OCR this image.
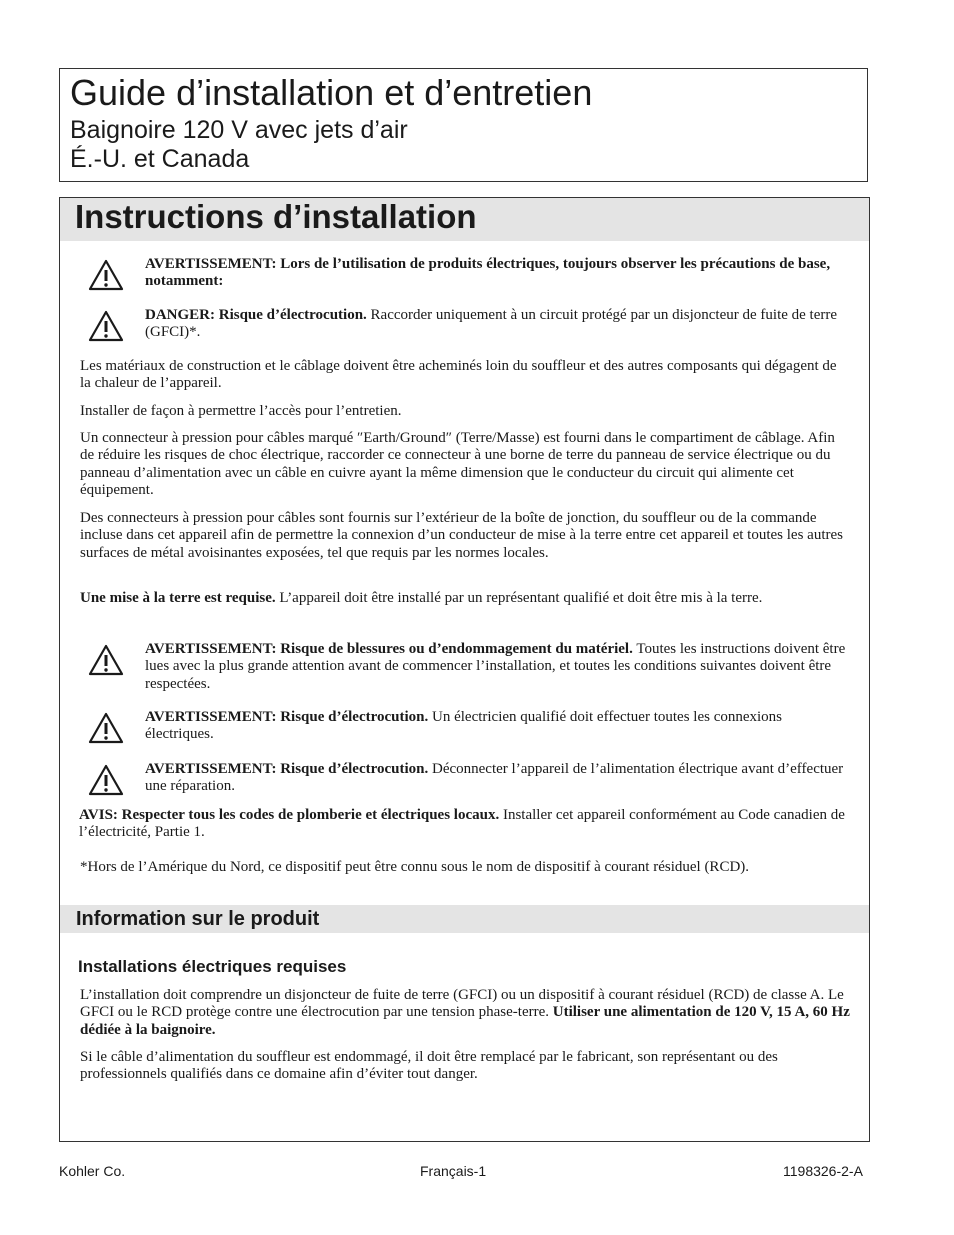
Guide d’installation et d’entretien
Baignoire 120 V avec jets d’air
É.-U. et Canada
Instructions d’installation
AVERTISSEMENT: Lors de l’utilisation de produits électriques, toujours observer les précautions de base, notamment:
DANGER: Risque d’électrocution. Raccorder uniquement à un circuit protégé par un disjoncteur de fuite de terre (GFCI)*.
Les matériaux de construction et le câblage doivent être acheminés loin du souffleur et des autres composants qui dégagent de la chaleur de l’appareil.
Installer de façon à permettre l’accès pour l’entretien.
Un connecteur à pression pour câbles marqué ″Earth/Ground″ (Terre/Masse) est fourni dans le compartiment de câblage. Afin de réduire les risques de choc électrique, raccorder ce connecteur à une borne de terre du panneau de service électrique ou du panneau d’alimentation avec un câble en cuivre ayant la même dimension que le conducteur du circuit qui alimente cet équipement.
Des connecteurs à pression pour câbles sont fournis sur l’extérieur de la boîte de jonction, du souffleur ou de la commande incluse dans cet appareil afin de permettre la connexion d’un conducteur de mise à la terre entre cet appareil et toutes les autres surfaces de métal avoisinantes exposées, tel que requis par les normes locales.
Une mise à la terre est requise. L’appareil doit être installé par un représentant qualifié et doit être mis à la terre.
AVERTISSEMENT: Risque de blessures ou d’endommagement du matériel. Toutes les instructions doivent être lues avec la plus grande attention avant de commencer l’installation, et toutes les conditions suivantes doivent être respectées.
AVERTISSEMENT: Risque d’électrocution. Un électricien qualifié doit effectuer toutes les connexions électriques.
AVERTISSEMENT: Risque d’électrocution. Déconnecter l’appareil de l’alimentation électrique avant d’effectuer une réparation.
AVIS: Respecter tous les codes de plomberie et électriques locaux. Installer cet appareil conformément au Code canadien de l’électricité, Partie 1.
*Hors de l’Amérique du Nord, ce dispositif peut être connu sous le nom de dispositif à courant résiduel (RCD).
Information sur le produit
Installations électriques requises
L’installation doit comprendre un disjoncteur de fuite de terre (GFCI) ou un dispositif à courant résiduel (RCD) de classe A. Le GFCI ou le RCD protège contre une électrocution par une tension phase-terre. Utiliser une alimentation de 120 V, 15 A, 60 Hz dédiée à la baignoire.
Si le câble d’alimentation du souffleur est endommagé, il doit être remplacé par le fabricant, son représentant ou des professionnels qualifiés dans ce domaine afin d’éviter tout danger.
Kohler Co.	Français-1	1198326-2-A
